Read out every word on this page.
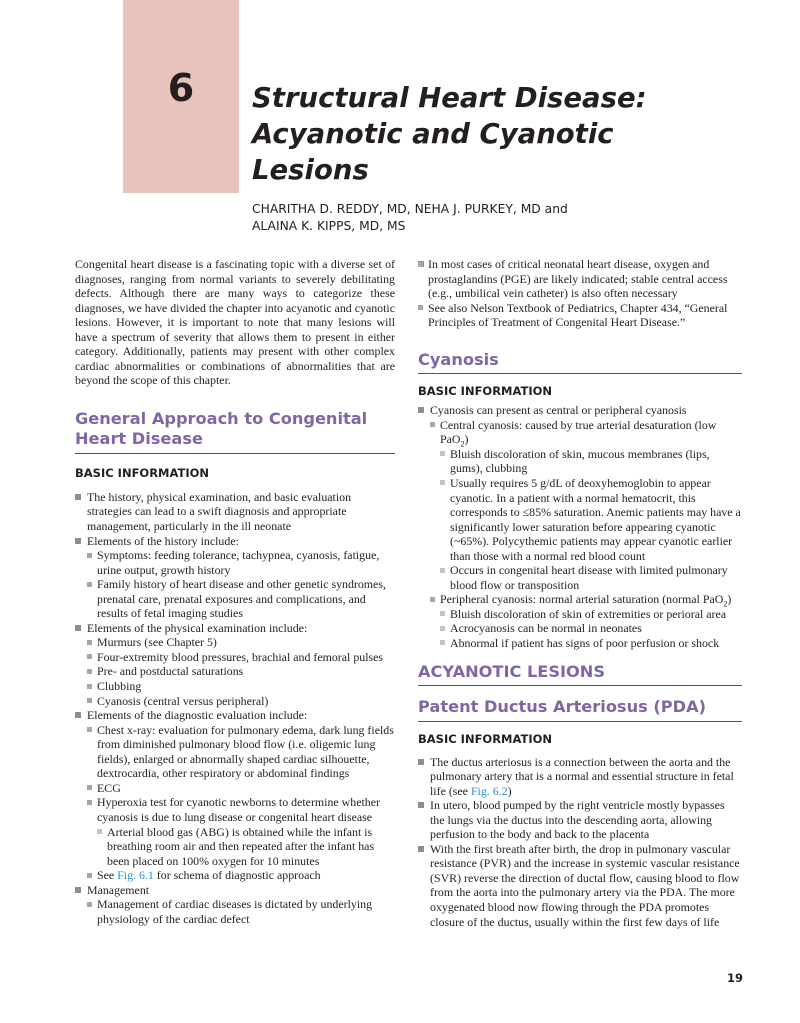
6	Structural Heart Disease:
Acyanotic and Cyanotic
Lesions

CHARITHA D. REDDY, MD, NEHA J. PURKEY, MD and
ALAINA K. KIPPS, MD, MS

Congenital heart disease is a fascinating topic with a diverse set of diagnoses, ranging from normal variants to severely debilitating defects. Although there are many ways to categorize these diagnoses, we have divided the chapter into acyanotic and cyanotic lesions. However, it is important to note that many lesions will have a spectrum of severity that allows them to present in either category. Additionally, patients may present with other complex cardiac abnormalities or combinations of abnormalities that are beyond the scope of this chapter.

General Approach to Congenital
Heart Disease
BASIC INFORMATION
The history, physical examination, and basic evaluation strategies can lead to a swift diagnosis and appropriate management, particularly in the ill neonate
Elements of the history include:
Symptoms: feeding tolerance, tachypnea, cyanosis, fatigue, urine output, growth history
Family history of heart disease and other genetic syndromes, prenatal care, prenatal exposures and complications, and results of fetal imaging studies
Elements of the physical examination include:
Murmurs (see Chapter 5)
Four-extremity blood pressures, brachial and femoral pulses
Pre- and postductal saturations
Clubbing
Cyanosis (central versus peripheral)
Elements of the diagnostic evaluation include:
Chest x-ray: evaluation for pulmonary edema, dark lung fields from diminished pulmonary blood flow (i.e. oligemic lung fields), enlarged or abnormally shaped cardiac silhouette, dextrocardia, other respiratory or abdominal findings
ECG
Hyperoxia test for cyanotic newborns to determine whether cyanosis is due to lung disease or congenital heart disease
Arterial blood gas (ABG) is obtained while the infant is breathing room air and then repeated after the infant has been placed on 100% oxygen for 10 minutes
See Fig. 6.1 for schema of diagnostic approach
Management
Management of cardiac diseases is dictated by underlying physiology of the cardiac defect
In most cases of critical neonatal heart disease, oxygen and prostaglandins (PGE) are likely indicated; stable central access (e.g., umbilical vein catheter) is also often necessary
See also Nelson Textbook of Pediatrics, Chapter 434, “General Principles of Treatment of Congenital Heart Disease.”
Cyanosis
BASIC INFORMATION
Cyanosis can present as central or peripheral cyanosis
Central cyanosis: caused by true arterial desaturation (low PaO$_2$)
Bluish discoloration of skin, mucous membranes (lips, gums), clubbing
Usually requires 5 g/dL of deoxyhemoglobin to appear cyanotic. In a patient with a normal hematocrit, this corresponds to ≤85% saturation. Anemic patients may have a significantly lower saturation before appearing cyanotic (~65%). Polycythemic patients may appear cyanotic earlier than those with a normal red blood count
Occurs in congenital heart disease with limited pulmonary blood flow or transposition
Peripheral cyanosis: normal arterial saturation (normal PaO$_2$)
Bluish discoloration of skin of extremities or perioral area
Acrocyanosis can be normal in neonates
Abnormal if patient has signs of poor perfusion or shock
ACYANOTIC LESIONS
Patent Ductus Arteriosus (PDA)
BASIC INFORMATION
The ductus arteriosus is a connection between the aorta and the pulmonary artery that is a normal and essential structure in fetal life (see Fig. 6.2)
In utero, blood pumped by the right ventricle mostly bypasses the lungs via the ductus into the descending aorta, allowing perfusion to the body and back to the placenta
With the first breath after birth, the drop in pulmonary vascular resistance (PVR) and the increase in systemic vascular resistance (SVR) reverse the direction of ductal flow, causing blood to flow from the aorta into the pulmonary artery via the PDA. The more oxygenated blood now flowing through the PDA promotes closure of the ductus, usually within the first few days of life
19
